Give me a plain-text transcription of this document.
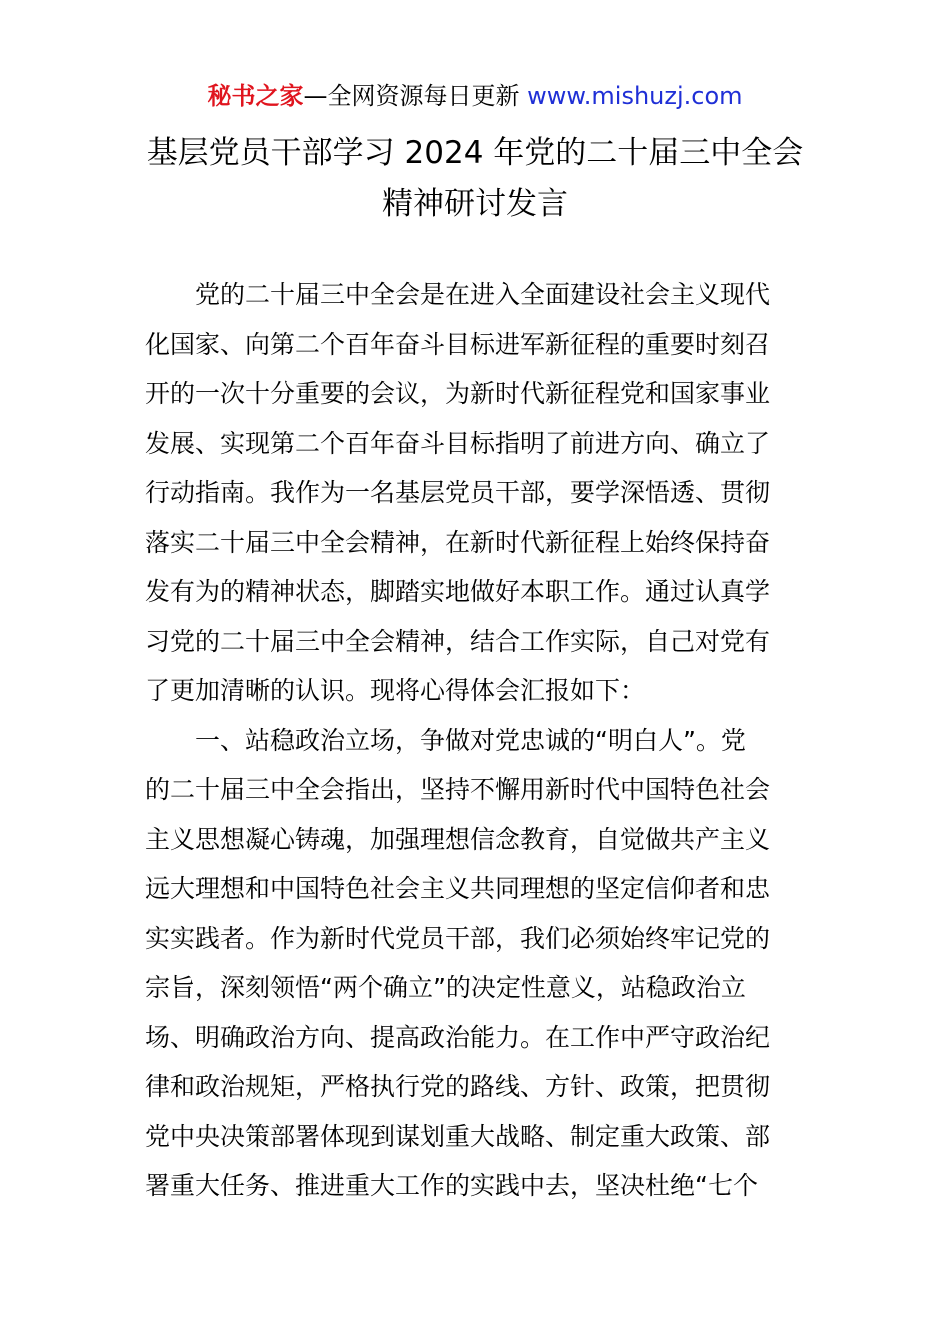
秘书之家—全网资源每日更新 www.mishuzj.com
基层党员干部学习 2024 年党的二十届三中全会
精神研讨发言
党的二十届三中全会是在进入全面建设社会主义现代
化国家、向第二个百年奋斗目标进军新征程的重要时刻召
开的一次十分重要的会议，为新时代新征程党和国家事业
发展、实现第二个百年奋斗目标指明了前进方向、确立了
行动指南。我作为一名基层党员干部，要学深悟透、贯彻
落实二十届三中全会精神，在新时代新征程上始终保持奋
发有为的精神状态，脚踏实地做好本职工作。通过认真学
习党的二十届三中全会精神，结合工作实际，自己对党有
了更加清晰的认识。现将心得体会汇报如下：
一、站稳政治立场，争做对党忠诚的“明白人”。党
的二十届三中全会指出，坚持不懈用新时代中国特色社会
主义思想凝心铸魂，加强理想信念教育，自觉做共产主义
远大理想和中国特色社会主义共同理想的坚定信仰者和忠
实实践者。作为新时代党员干部，我们必须始终牢记党的
宗旨，深刻领悟“两个确立”的决定性意义，站稳政治立
场、明确政治方向、提高政治能力。在工作中严守政治纪
律和政治规矩，严格执行党的路线、方针、政策，把贯彻
党中央决策部署体现到谋划重大战略、制定重大政策、部
署重大任务、推进重大工作的实践中去，坚决杜绝“七个
